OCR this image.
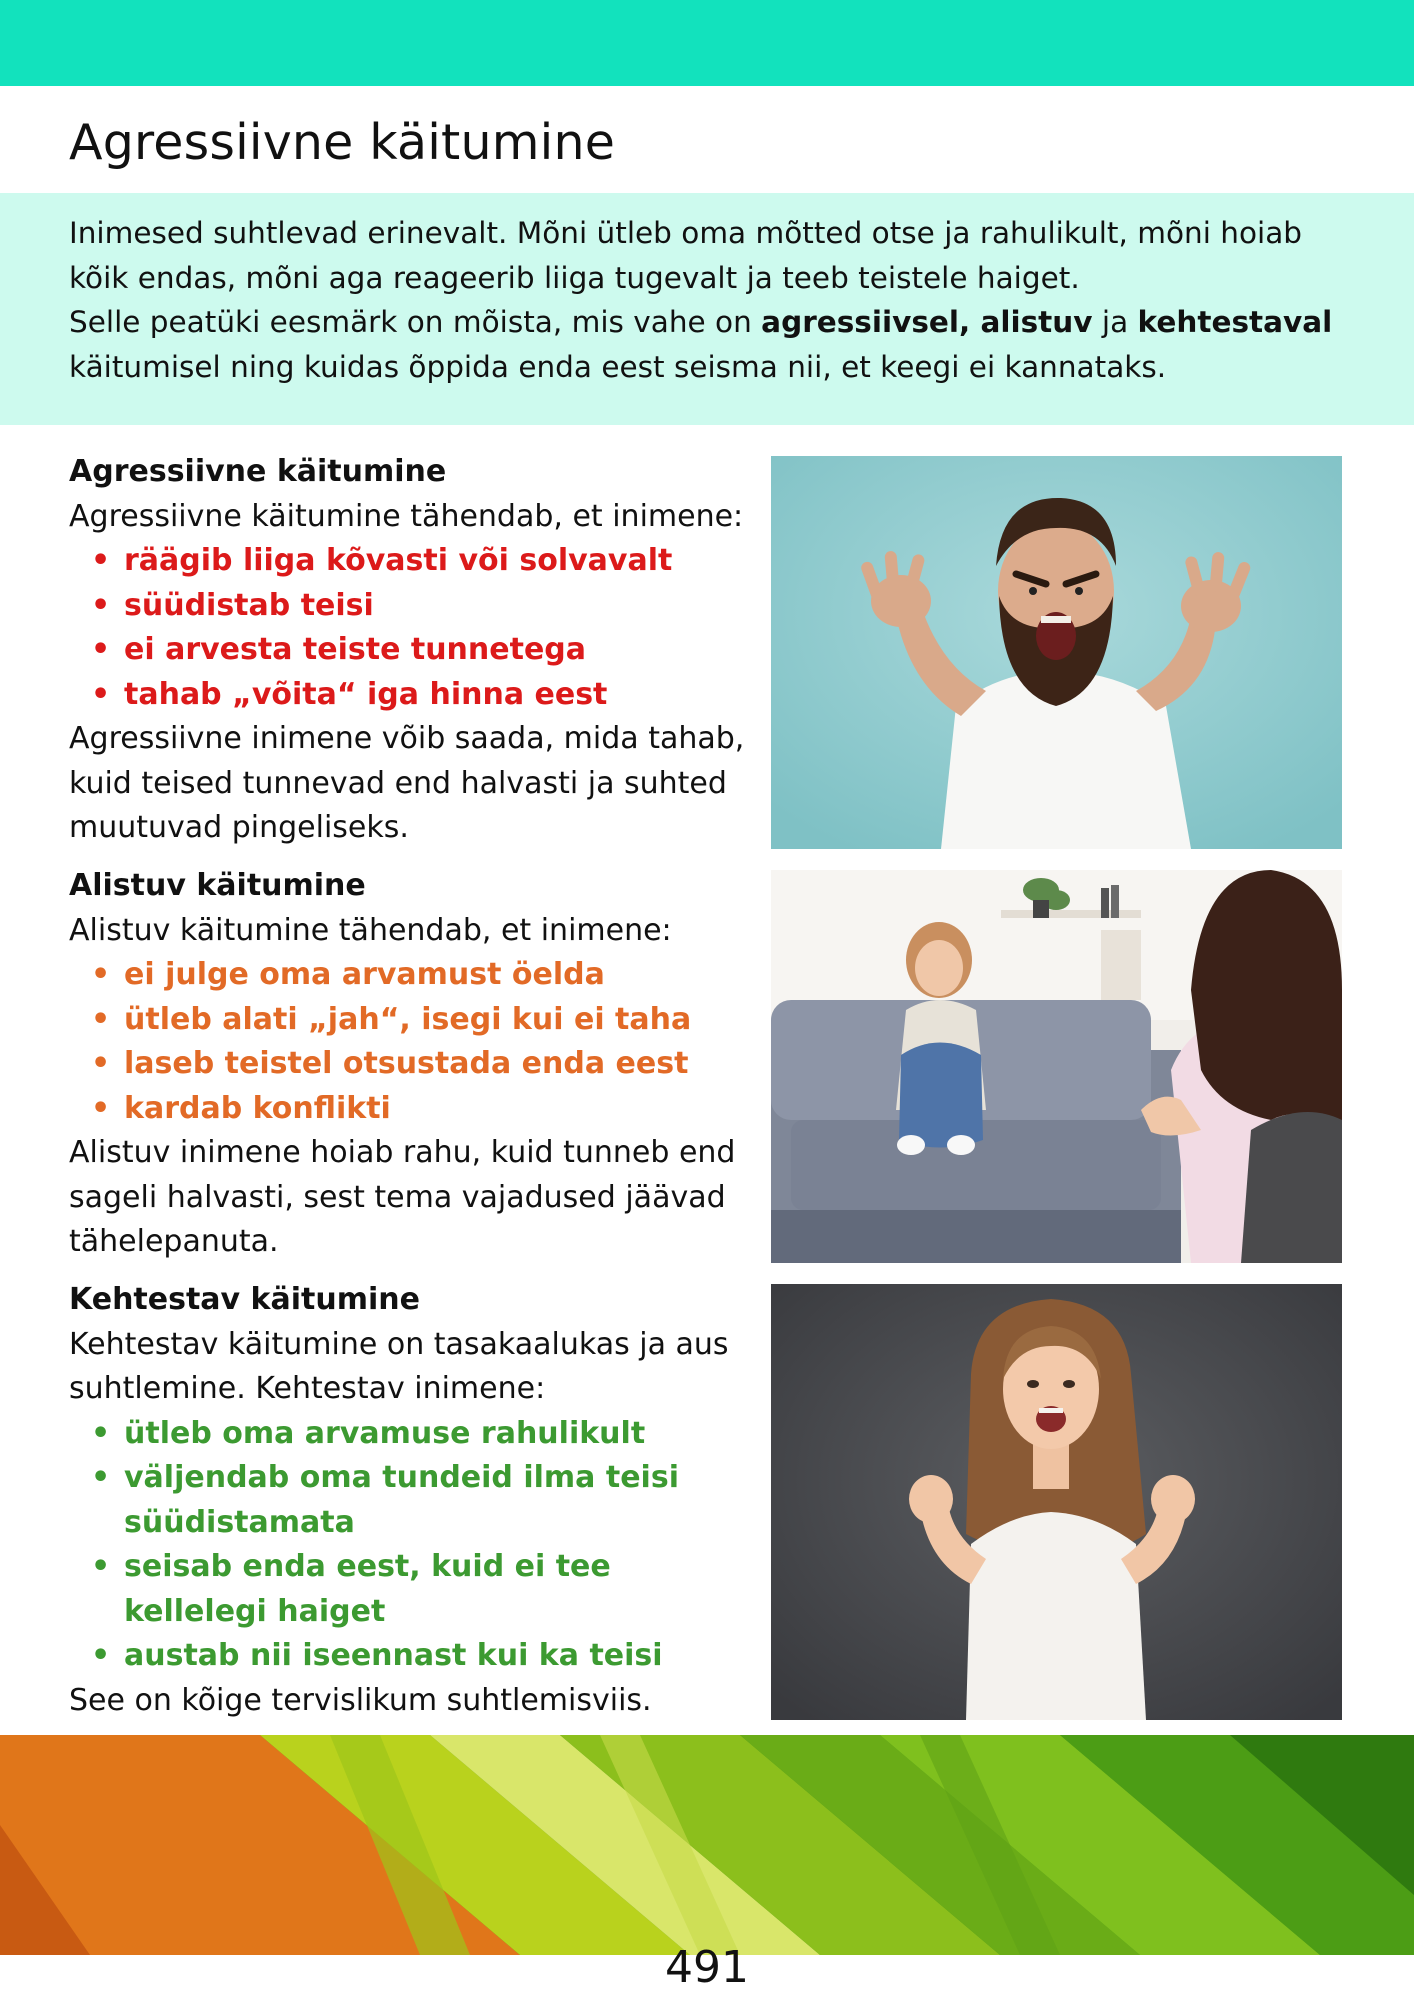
Agressiivne käitumine

Inimesed suhtlevad erinevalt. Mõni ütleb oma mõtted otse ja rahulikult, mõni hoiab kõik endas, mõni aga reageerib liiga tugevalt ja teeb teistele haiget.

Selle peatüki eesmärk on mõista, mis vahe on agressiivsel, alistuv ja kehtestaval käitumisel ning kuidas õppida enda eest seisma nii, et keegi ei kannataks.

Agressiivne käitumine

Agressiivne käitumine tähendab, et inimene:

• räägib liiga kõvasti või solvavalt
• süüdistab teisi
• ei arvesta teiste tunnetega
• tahab „võita“ iga hinna eest

Agressiivne inimene võib saada, mida tahab, kuid teised tunnevad end halvasti ja suhted muutuvad pingeliseks.

Alistuv käitumine

Alistuv käitumine tähendab, et inimene:

• ei julge oma arvamust öelda
• ütleb alati „jah“, isegi kui ei taha
• laseb teistel otsustada enda eest
• kardab konflikti

Alistuv inimene hoiab rahu, kuid tunneb end sageli halvasti, sest tema vajadused jäävad tähelepanuta.

Kehtestav käitumine

Kehtestav käitumine on tasakaalukas ja aus suhtlemine. Kehtestav inimene:

• ütleb oma arvamuse rahulikult
• väljendab oma tundeid ilma teisi süüdistamata
• seisab enda eest, kuid ei tee kellelegi haiget
• austab nii iseennast kui ka teisi

See on kõige tervislikum suhtlemisviis.

491
